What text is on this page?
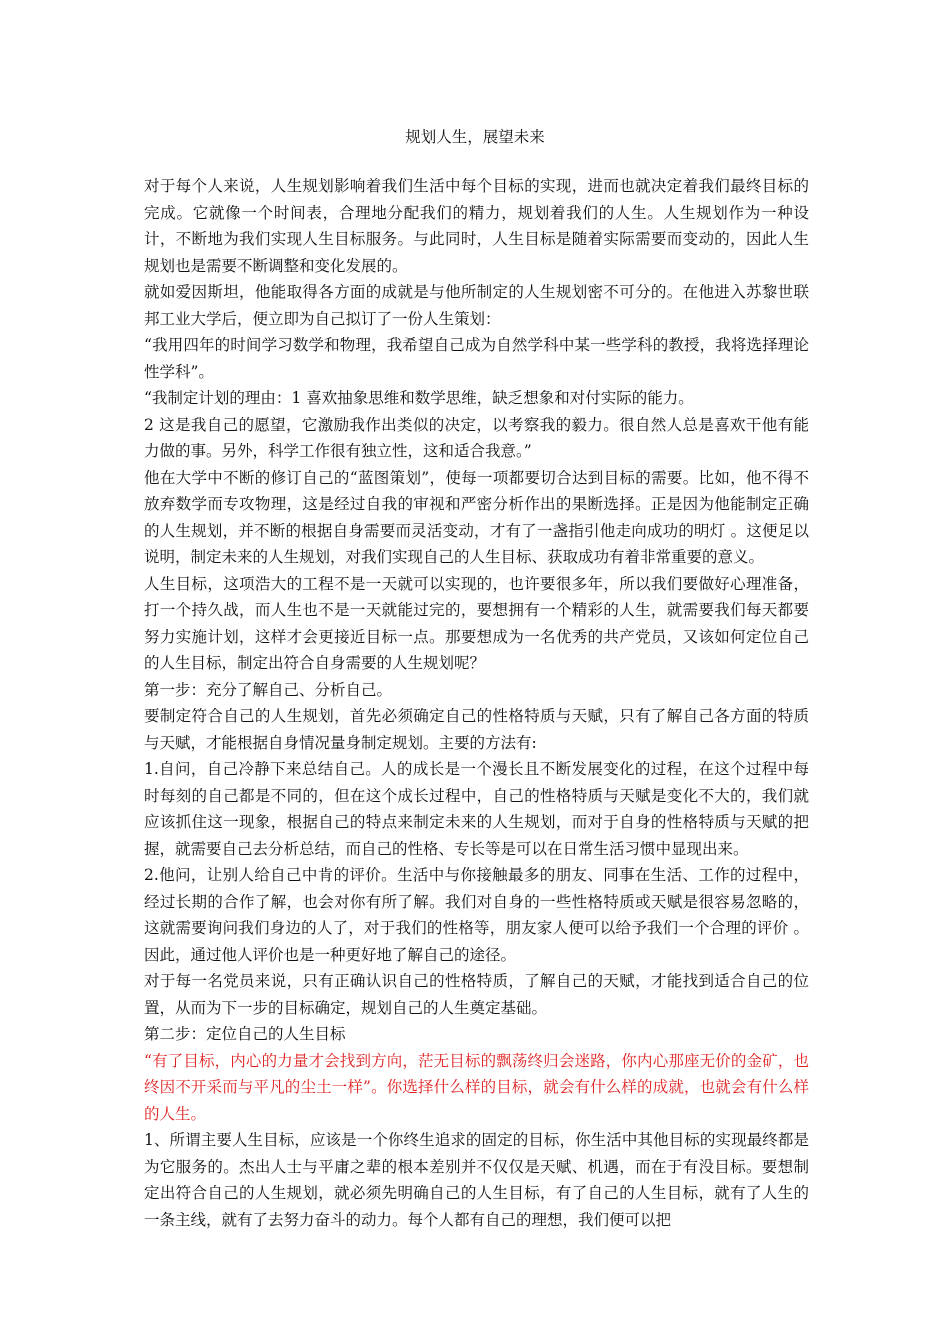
规划人生，展望未来

对于每个人来说，人生规划影响着我们生活中每个目标的实现，进而也就决定着我们最终目标的完成。它就像一个时间表，合理地分配我们的精力，规划着我们的人生。人生规划作为一种设计，不断地为我们实现人生目标服务。与此同时，人生目标是随着实际需要而变动的，因此人生规划也是需要不断调整和变化发展的。

就如爱因斯坦，他能取得各方面的成就是与他所制定的人生规划密不可分的。在他进入苏黎世联邦工业大学后，便立即为自己拟订了一份人生策划：

“我用四年的时间学习数学和物理，我希望自己成为自然学科中某一些学科的教授，我将选择理论性学科”。

“我制定计划的理由：1 喜欢抽象思维和数学思维，缺乏想象和对付实际的能力。

2 这是我自己的愿望，它激励我作出类似的决定，以考察我的毅力。很自然人总是喜欢干他有能力做的事。另外，科学工作很有独立性，这和适合我意。”

他在大学中不断的修订自己的“蓝图策划”，使每一项都要切合达到目标的需要。比如，他不得不放弃数学而专攻物理，这是经过自我的审视和严密分析作出的果断选择。正是因为他能制定正确的人生规划，并不断的根据自身需要而灵活变动，才有了一盏指引他走向成功的明灯 。这便足以说明，制定未来的人生规划，对我们实现自己的人生目标、获取成功有着非常重要的意义。

人生目标，这项浩大的工程不是一天就可以实现的，也许要很多年，所以我们要做好心理准备，打一个持久战，而人生也不是一天就能过完的，要想拥有一个精彩的人生，就需要我们每天都要努力实施计划，这样才会更接近目标一点。那要想成为一名优秀的共产党员，又该如何定位自己的人生目标，制定出符合自身需要的人生规划呢？

第一步：充分了解自己、分析自己。

要制定符合自己的人生规划，首先必须确定自己的性格特质与天赋，只有了解自己各方面的特质与天赋，才能根据自身情况量身制定规划。主要的方法有:

1.自问，自己冷静下来总结自己。人的成长是一个漫长且不断发展变化的过程，在这个过程中每时每刻的自己都是不同的，但在这个成长过程中，自己的性格特质与天赋是变化不大的，我们就应该抓住这一现象，根据自己的特点来制定未来的人生规划，而对于自身的性格特质与天赋的把握，就需要自己去分析总结，而自己的性格、专长等是可以在日常生活习惯中显现出来。

2.他问，让别人给自己中肯的评价。生活中与你接触最多的朋友、同事在生活、工作的过程中，经过长期的合作了解，也会对你有所了解。我们对自身的一些性格特质或天赋是很容易忽略的，这就需要询问我们身边的人了，对于我们的性格等，朋友家人便可以给予我们一个合理的评价 。因此，通过他人评价也是一种更好地了解自己的途径。

对于每一名党员来说，只有正确认识自己的性格特质，了解自己的天赋，才能找到适合自己的位置，从而为下一步的目标确定，规划自己的人生奠定基础。

第二步：定位自己的人生目标

“有了目标，内心的力量才会找到方向，茫无目标的飘荡终归会迷路，你内心那座无价的金矿，也终因不开采而与平凡的尘土一样”。你选择什么样的目标，就会有什么样的成就，也就会有什么样的人生。

1、所谓主要人生目标，应该是一个你终生追求的固定的目标，你生活中其他目标的实现最终都是为它服务的。杰出人士与平庸之辈的根本差别并不仅仅是天赋、机遇，而在于有没目标。要想制定出符合自己的人生规划，就必须先明确自己的人生目标，有了自己的人生目标，就有了人生的一条主线，就有了去努力奋斗的动力。每个人都有自己的理想，我们便可以把
